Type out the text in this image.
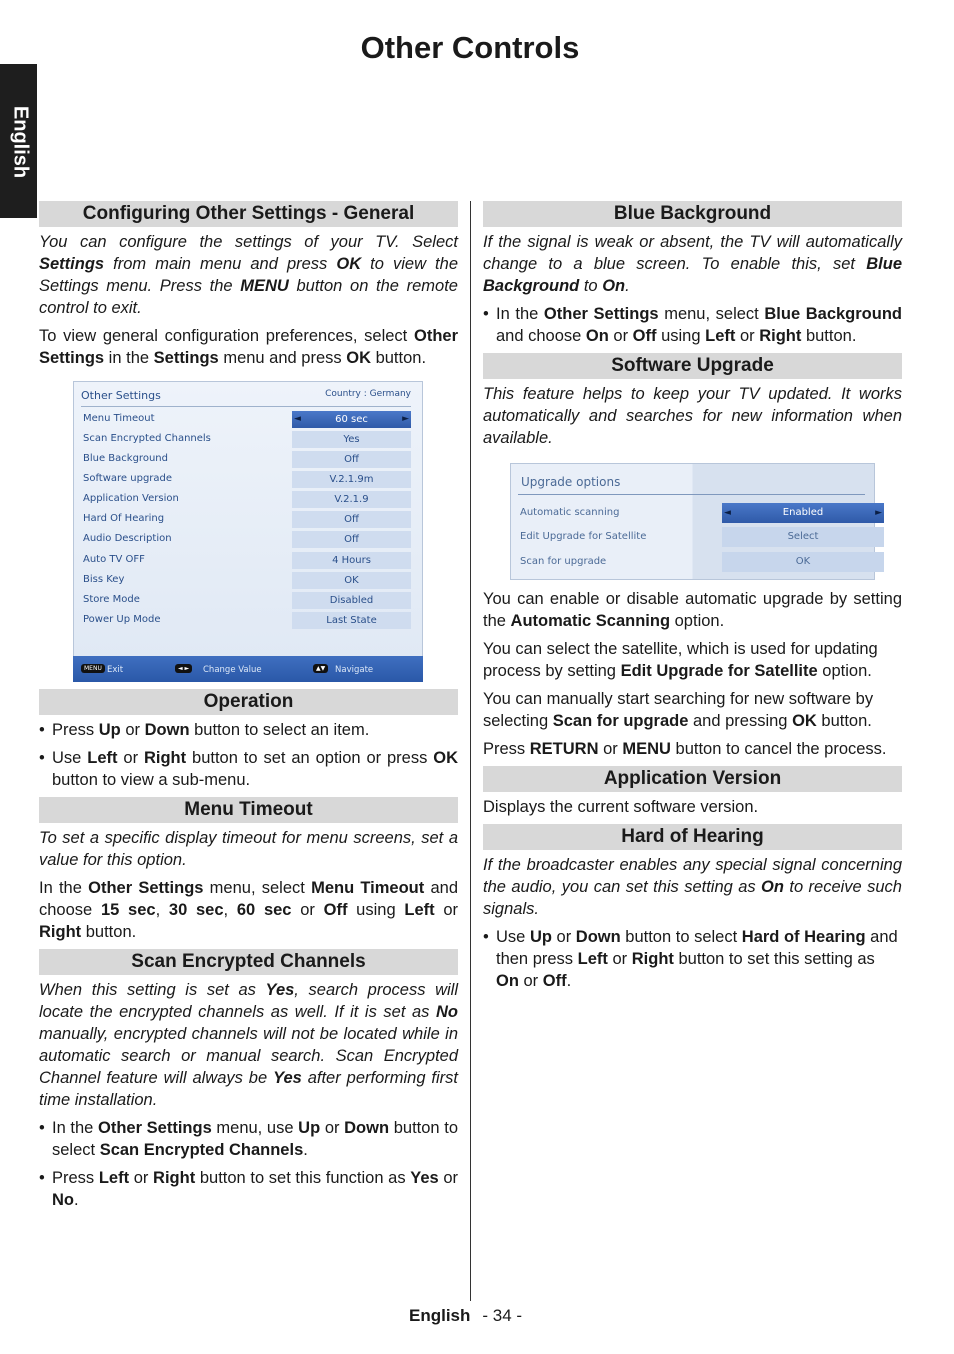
Other Controls
English
Configuring Other Settings - General

You can configure the settings of your TV. Select Settings from main menu and press OK to view the Settings menu. Press the MENU button on the remote control to exit.

To view general configuration preferences, select Other Settings in the Settings menu and press OK button.

Other Settings	Country : Germany
Menu Timeout	◄ 60 sec ►
Scan Encrypted Channels	Yes
Blue Background	Off
Software upgrade	V.2.1.9m
Application Version	V.2.1.9
Hard Of Hearing	Off
Audio Description	Off
Auto TV OFF	4 Hours
Biss Key	OK
Store Mode	Disabled
Power Up Mode	Last State
MENU Exit	◄ ►	Change Value	▲▼	Navigate
Operation
• Press Up or Down button to select an item.
• Use Left or Right button to set an option or press OK button to view a sub-menu.
Menu Timeout

To set a specific display timeout for menu screens, set a value for this option.

In the Other Settings menu, select Menu Timeout and choose 15 sec, 30 sec, 60 sec or Off using Left or Right button.

Scan Encrypted Channels

When this setting is set as Yes, search process will locate the encrypted channels as well. If it is set as No manually, encrypted channels will not be located while in automatic search or manual search. Scan Encrypted Channel feature will always be Yes after performing first time installation.

• In the Other Settings menu, use Up or Down button to select Scan Encrypted Channels.
• Press Left or Right button to set this function as Yes or No.
Blue Background

If the signal is weak or absent, the TV will automatically change to a blue screen. To enable this, set Blue Background to On.

• In the Other Settings menu, select Blue Background and choose On or Off using Left or Right button.
Software Upgrade

This feature helps to keep your TV updated. It works automatically and searches for new information when available.

Upgrade options
Automatic scanning	◄ Enabled ►
Edit Upgrade for Satellite	Select
Scan for upgrade	OK

You can enable or disable automatic upgrade by setting the Automatic Scanning option.

You can select the satellite, which is used for updating process by setting Edit Upgrade for Satellite option.

You can manually start searching for new software by selecting Scan for upgrade and pressing OK button.

Press RETURN or MENU button to cancel the process.

Application Version

Displays the current software version.

Hard of Hearing

If the broadcaster enables any special signal concerning the audio, you can set this setting as On to receive such signals.

• Use Up or Down button to select Hard of Hearing and then press Left or Right button to set this setting as On or Off.
English - 34 -
